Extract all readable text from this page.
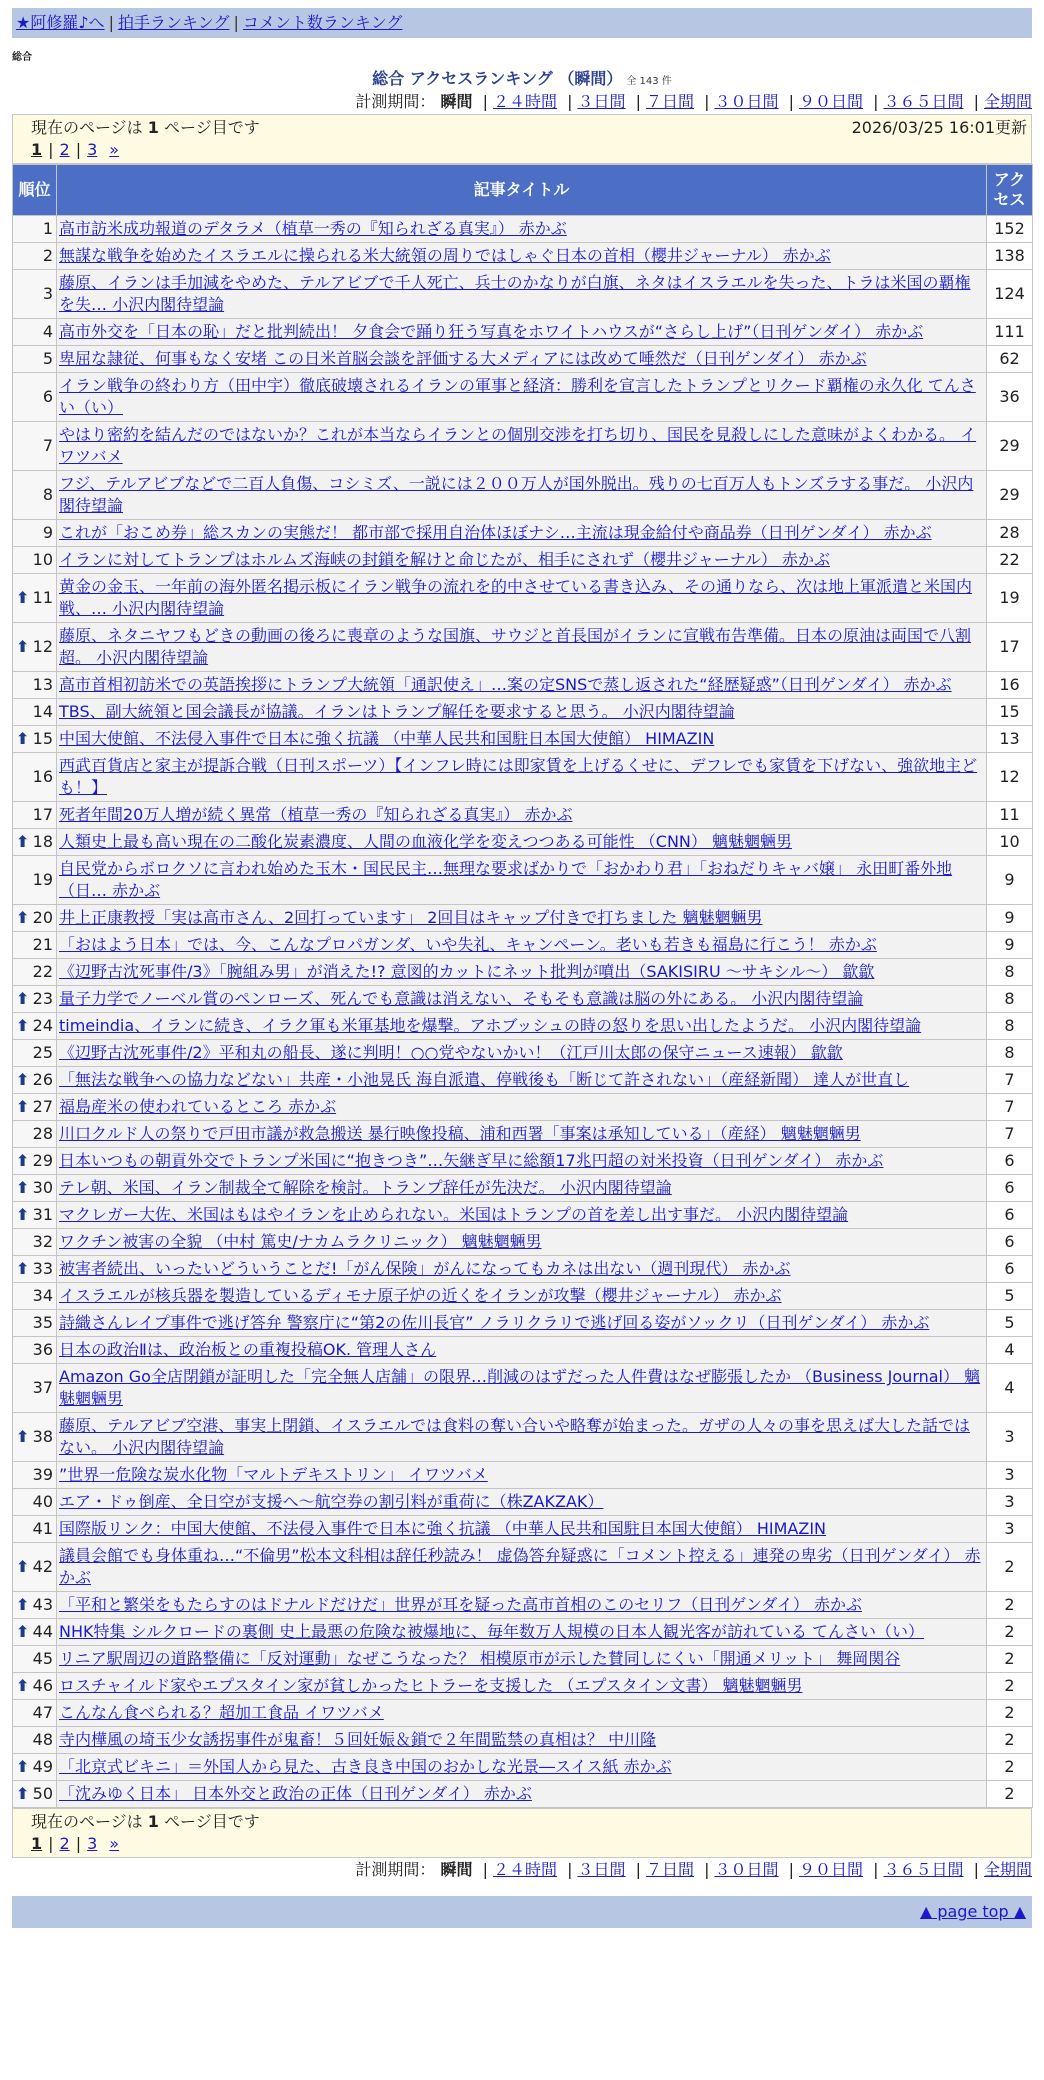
★阿修羅♪へ | 拍手ランキング | コメント数ランキング
総合
総合 アクセスランキング （瞬間） 全 143 件
計測期間： 瞬間 | ２４時間 | ３日間 | ７日間 | ３０日間 | ９０日間 | ３６５日間 | 全期間
現在のページは 1 ページ目です	2026/03/25 16:01更新
1 | 2 | 3 »
順位	記事タイトル	アクセス
1	高市訪米成功報道のデタラメ（植草一秀の『知られざる真実』） 赤かぶ	152
2	無謀な戦争を始めたイスラエルに操られる米大統領の周りではしゃぐ日本の首相（櫻井ジャーナル） 赤かぶ	138
3	藤原、イランは手加減をやめた、テルアビブで千人死亡、兵士のかなりが白旗、ネタはイスラエルを失った、トラは米国の覇権を失… 小沢内閣待望論	124
4	高市外交を「日本の恥」だと批判続出！ 夕食会で踊り狂う写真をホワイトハウスが“さらし上げ”（日刊ゲンダイ） 赤かぶ	111
5	卑屈な隷従、何事もなく安堵 この日米首脳会談を評価する大メディアには改めて唾然だ（日刊ゲンダイ） 赤かぶ	62
6	イラン戦争の終わり方（田中宇）徹底破壊されるイランの軍事と経済：勝利を宣言したトランプとリクード覇権の永久化 てんさい（い）	36
7	やはり密約を結んだのではないか？これが本当ならイランとの個別交渉を打ち切り、国民を見殺しにした意味がよくわかる。 イワツバメ	29
8	フジ、テルアビブなどで二百人負傷、コシミズ、一説には２００万人が国外脱出。残りの七百万人もトンズラする事だ。 小沢内閣待望論	29
9	これが「おこめ券」総スカンの実態だ！ 都市部で採用自治体ほぼナシ…主流は現金給付や商品券（日刊ゲンダイ） 赤かぶ	28
10	イランに対してトランプはホルムズ海峡の封鎖を解けと命じたが、相手にされず（櫻井ジャーナル） 赤かぶ	22

⬆ 11	黄金の金玉、一年前の海外匿名掲示板にイラン戦争の流れを的中させている書き込み、その通りなら、次は地上軍派遣と米国内戦、… 小沢内閣待望論	19

⬆ 12	藤原、ネタニヤフもどきの動画の後ろに喪章のような国旗、サウジと首長国がイランに宣戦布告準備。日本の原油は両国で八割超。 小沢内閣待望論	17
13	高市首相初訪米での英語挨拶にトランプ大統領「通訳使え」…案の定SNSで蒸し返された“経歴疑惑”（日刊ゲンダイ） 赤かぶ	16
14	TBS、副大統領と国会議長が協議。イランはトランプ解任を要求すると思う。 小沢内閣待望論	15

⬆ 15	中国大使館、不法侵入事件で日本に強く抗議 （中華人民共和国駐日本国大使館） HIMAZIN	13
16	西武百貨店と家主が提訴合戦（日刊スポーツ）【インフレ時には即家賃を上げるくせに、デフレでも家賃を下げない、強欲地主ども！】	12
17	死者年間20万人増が続く異常（植草一秀の『知られざる真実』） 赤かぶ	11

⬆ 18	人類史上最も高い現在の二酸化炭素濃度、人間の血液化学を変えつつある可能性 （CNN） 魑魅魍魎男	10
19	自民党からボロクソに言われ始めた玉木・国民民主…無理な要求ばかりで「おかわり君」「おねだりキャバ嬢」 永田町番外地（日… 赤かぶ	9

⬆ 20	井上正康教授「実は高市さん、2回打っています」 2回目はキャップ付きで打ちました 魑魅魍魎男	9
21	「おはよう日本」では、今、こんなプロパガンダ、いや失礼、キャンペーン。老いも若きも福島に行こう！ 赤かぶ	9
22	《辺野古沈死事件/3》「腕組み男」が消えた!? 意図的カットにネット批判が噴出（SAKISIRU ～サキシル～） 歙歙	8

⬆ 23	量子力学でノーベル賞のペンローズ、死んでも意識は消えない、そもそも意識は脳の外にある。 小沢内閣待望論	8

⬆ 24	timeindia、イランに続き、イラク軍も米軍基地を爆撃。アホブッシュの時の怒りを思い出したようだ。 小沢内閣待望論	8
25	《辺野古沈死事件/2》平和丸の船長、遂に判明！○○党やないかい！（江戸川太郎の保守ニュース速報） 歙歙	8

⬆ 26	「無法な戦争への協力などない」共産・小池晃氏 海自派遣、停戦後も「断じて許されない」（産経新聞） 達人が世直し	7

⬆ 27	福島産米の使われているところ 赤かぶ	7
28	川口クルド人の祭りで戸田市議が救急搬送 暴行映像投稿、浦和西署「事案は承知している」（産経） 魑魅魍魎男	7

⬆ 29	日本いつもの朝貢外交でトランプ米国に“抱きつき”…矢継ぎ早に総額17兆円超の対米投資（日刊ゲンダイ） 赤かぶ	6

⬆ 30	テレ朝、米国、イラン制裁全て解除を検討。トランプ辞任が先決だ。 小沢内閣待望論	6

⬆ 31	マクレガー大佐、米国はもはやイランを止められない。米国はトランプの首を差し出す事だ。 小沢内閣待望論	6
32	ワクチン被害の全貌 （中村 篤史/ナカムラクリニック） 魑魅魍魎男	6

⬆ 33	被害者続出、いったいどういうことだ!「がん保険」がんになってもカネは出ない（週刊現代） 赤かぶ	6
34	イスラエルが核兵器を製造しているディモナ原子炉の近くをイランが攻撃（櫻井ジャーナル） 赤かぶ	5
35	詩織さんレイプ事件で逃げ答弁 警察庁に“第2の佐川長官” ノラリクラリで逃げ回る姿がソックリ（日刊ゲンダイ） 赤かぶ	5
36	日本の政治Ⅱは、政治板との重複投稿OK. 管理人さん	4
37	Amazon Go全店閉鎖が証明した「完全無人店舗」の限界…削減のはずだった人件費はなぜ膨張したか （Business Journal） 魑魅魍魎男	4

⬆ 38	藤原、テルアビブ空港、事実上閉鎖、イスラエルでは食料の奪い合いや略奪が始まった。ガザの人々の事を思えば大した話ではない。 小沢内閣待望論	3
39	”世界一危険な炭水化物「マルトデキストリン」 イワツバメ	3
40	エア・ドゥ倒産、全日空が支援へ～航空券の割引料が重荷に（株ZAKZAK）	3
41	国際版リンク：中国大使館、不法侵入事件で日本に強く抗議 （中華人民共和国駐日本国大使館） HIMAZIN	3

⬆ 42	議員会館でも身体重ね…“不倫男”松本文科相は辞任秒読み！ 虚偽答弁疑惑に「コメント控える」連発の卑劣（日刊ゲンダイ） 赤かぶ	2

⬆ 43	「平和と繁栄をもたらすのはドナルドだけだ」世界が耳を疑った高市首相のこのセリフ（日刊ゲンダイ） 赤かぶ	2

⬆ 44	NHK特集 シルクロードの裏側 史上最悪の危険な被爆地に、毎年数万人規模の日本人観光客が訪れている てんさい（い）	2
45	リニア駅周辺の道路整備に「反対運動」なぜこうなった？ 相模原市が示した賛同しにくい「開通メリット」 舞岡関谷	2

⬆ 46	ロスチャイルド家やエプスタイン家が貧しかったヒトラーを支援した （エプスタイン文書） 魑魅魍魎男	2
47	こんなん食べられる？超加工食品 イワツバメ	2
48	寺内樺風の埼玉少女誘拐事件が鬼畜！５回妊娠＆鎖で２年間監禁の真相は？ 中川隆	2

⬆ 49	「北京式ビキニ」＝外国人から見た、古き良き中国のおかしな光景―スイス紙 赤かぶ	2

⬆ 50	「沈みゆく日本」 日本外交と政治の正体（日刊ゲンダイ） 赤かぶ	2
現在のページは 1 ページ目です
1 | 2 | 3 »
計測期間： 瞬間 | ２４時間 | ３日間 | ７日間 | ３０日間 | ９０日間 | ３６５日間 | 全期間
▲ page top ▲
